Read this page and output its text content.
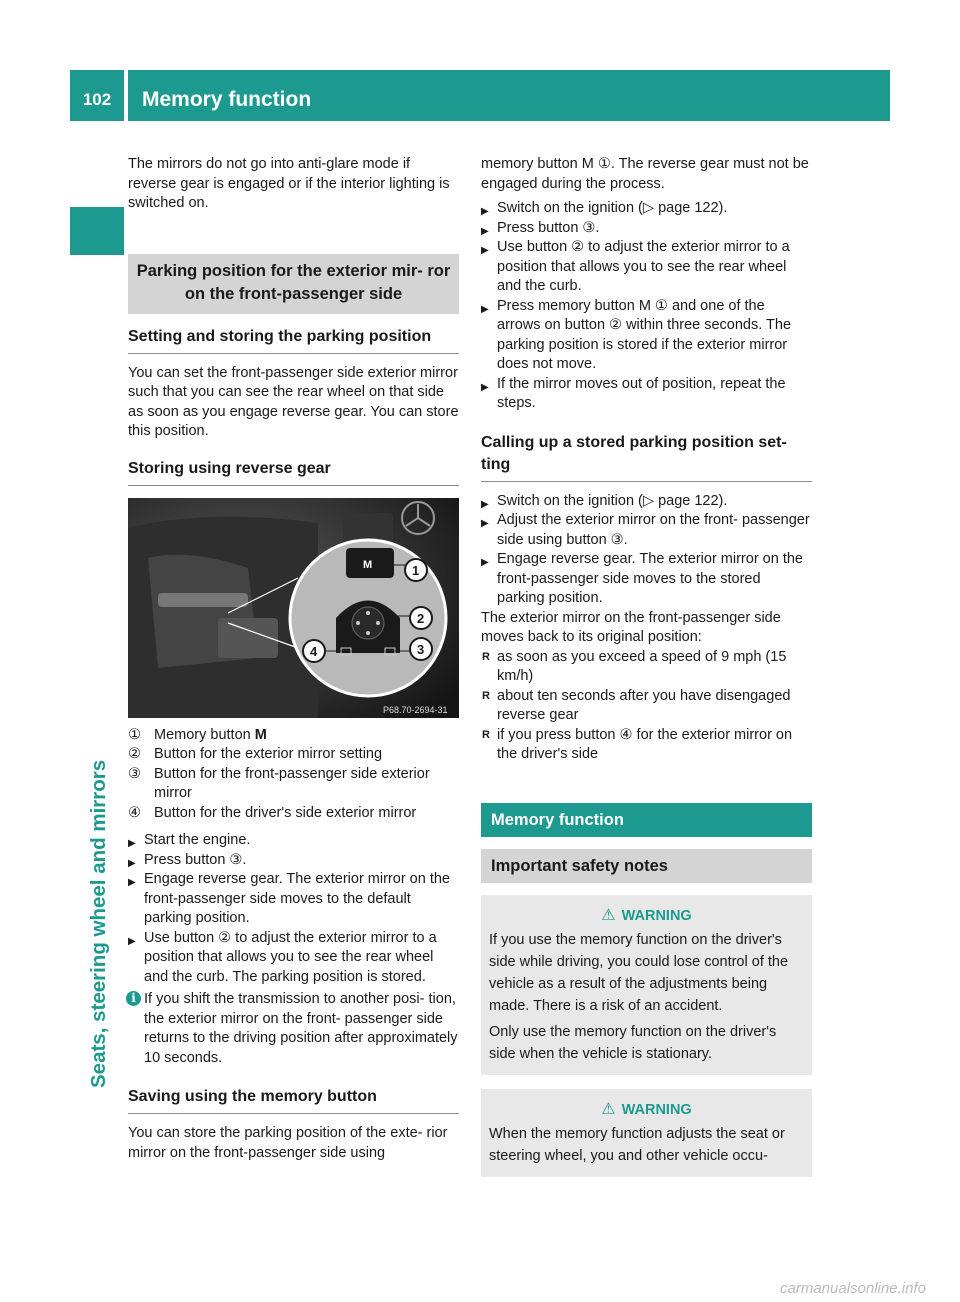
102	Memory function
Seats, steering wheel and mirrors

The mirrors do not go into anti-glare mode if reverse gear is engaged or if the interior lighting is switched on.

Parking position for the exterior mir- ror on the front-passenger side
Setting and storing the parking position

You can set the front-passenger side exterior mirror such that you can see the rear wheel on that side as soon as you engage reverse gear. You can store this position.

Storing using reverse gear
M	1
2
3
4
P68.70-2694-31
① Memory button M
② Button for the exterior mirror setting
③ Button for the front-passenger side exterior mirror
④ Button for the driver's side exterior mirror
▶ Start the engine.
▶ Press button ③.
▶ Engage reverse gear. The exterior mirror on the front-passenger side moves to the default parking position.
▶ Use button ② to adjust the exterior mirror to a position that allows you to see the rear wheel and the curb. The parking position is stored.
i If you shift the transmission to another posi- tion, the exterior mirror on the front- passenger side returns to the driving position after approximately 10 seconds.
Saving using the memory button

You can store the parking position of the exte- rior mirror on the front-passenger side using

memory button M ①. The reverse gear must not be engaged during the process.

▶ Switch on the ignition (▷ page 122).
▶ Press button ③.
▶ Use button ② to adjust the exterior mirror to a position that allows you to see the rear wheel and the curb.
▶ Press memory button M ① and one of the arrows on button ② within three seconds. The parking position is stored if the exterior mirror does not move.
▶ If the mirror moves out of position, repeat the steps.
Calling up a stored parking position set- ting
▶ Switch on the ignition (▷ page 122).
▶ Adjust the exterior mirror on the front- passenger side using button ③.
▶ Engage reverse gear. The exterior mirror on the front-passenger side moves to the stored parking position.

The exterior mirror on the front-passenger side moves back to its original position:

R as soon as you exceed a speed of 9 mph (15 km/h)
R about ten seconds after you have disengaged reverse gear
R if you press button ④ for the exterior mirror on the driver's side
Memory function
Important safety notes
⚠ WARNING

If you use the memory function on the driver's side while driving, you could lose control of the vehicle as a result of the adjustments being made. There is a risk of an accident.

Only use the memory function on the driver's side when the vehicle is stationary.

⚠ WARNING

When the memory function adjusts the seat or steering wheel, you and other vehicle occu-

carmanualsonline.info
